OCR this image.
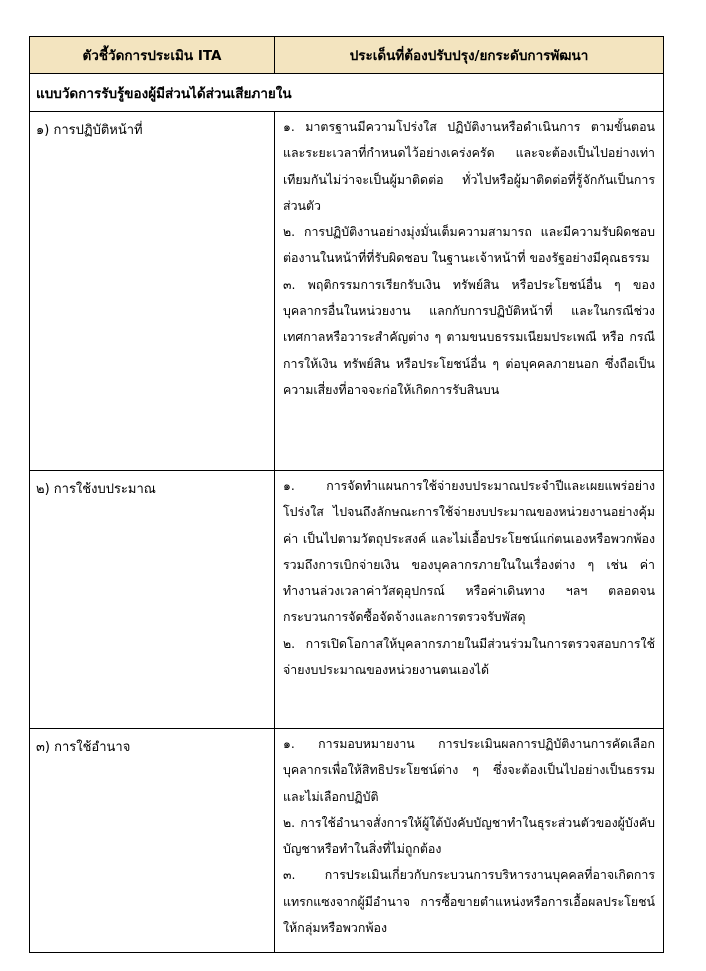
ตัวชี้วัดการประเมิน ITA	ประเด็นที่ต้องปรับปรุง/ยกระดับการพัฒนา
แบบวัดการรับรู้ของผู้มีส่วนได้ส่วนเสียภายใน	
๑) การปฏิบัติหน้าที่	๑. มาตรฐานมีความโปร่งใส ปฏิบัติงานหรือดำเนินการ ตามขั้นตอนและระยะเวลาที่กำหนดไว้อย่างเคร่งครัด และจะต้องเป็นไปอย่างเท่าเทียมกันไม่ว่าจะเป็นผู้มาติดต่อ ทั่วไปหรือผู้มาติดต่อที่รู้จักกันเป็นการส่วนตัว

๒. การปฏิบัติงานอย่างมุ่งมั่นเต็มความสามารถ และมีความรับผิดชอบต่องานในหน้าที่ที่รับผิดชอบ ในฐานะเจ้าหน้าที่ ของรัฐอย่างมีคุณธรรม

๓. พฤติกรรมการเรียกรับเงิน ทรัพย์สิน หรือประโยชน์อื่น ๆ ของบุคลากรอื่นในหน่วยงาน แลกกับการปฏิบัติหน้าที่ และในกรณีช่วงเทศกาลหรือวาระสำคัญต่าง ๆ ตามขนบธรรมเนียมประเพณี หรือ กรณีการให้เงิน ทรัพย์สิน หรือประโยชน์อื่น ๆ ต่อบุคคลภายนอก ซึ่งถือเป็นความเสี่ยงที่อาจจะก่อให้เกิดการรับสินบน

๒) การใช้งบประมาณ	๑. การจัดทำแผนการใช้จ่ายงบประมาณประจำปีและเผยแพร่อย่างโปร่งใส ไปจนถึงลักษณะการใช้จ่ายงบประมาณของหน่วยงานอย่างคุ้มค่า เป็นไปตามวัตถุประสงค์ และไม่เอื้อประโยชน์แก่ตนเองหรือพวกพ้อง รวมถึงการเบิกจ่ายเงิน ของบุคลากรภายในในเรื่องต่าง ๆ เช่น ค่าทำงานล่วงเวลาค่าวัสดุอุปกรณ์ หรือค่าเดินทาง ฯลฯ ตลอดจนกระบวนการจัดซื้อจัดจ้างและการตรวจรับพัสดุ

๒. การเปิดโอกาสให้บุคลากรภายในมีส่วนร่วมในการตรวจสอบการใช้จ่ายงบประมาณของหน่วยงานตนเองได้

๓) การใช้อำนาจ	๑. การมอบหมายงาน การประเมินผลการปฏิบัติงานการคัดเลือกบุคลากรเพื่อให้สิทธิประโยชน์ต่าง ๆ ซึ่งจะต้องเป็นไปอย่างเป็นธรรมและไม่เลือกปฏิบัติ

๒. การใช้อำนาจสั่งการให้ผู้ใต้บังคับบัญชาทำในธุระส่วนตัวของผู้บังคับบัญชาหรือทำในสิ่งที่ไม่ถูกต้อง

๓. การประเมินเกี่ยวกับกระบวนการบริหารงานบุคคลที่อาจเกิดการแทรกแซงจากผู้มีอำนาจ การซื้อขายตำแหน่งหรือการเอื้อผลประโยชน์ให้กลุ่มหรือพวกพ้อง
